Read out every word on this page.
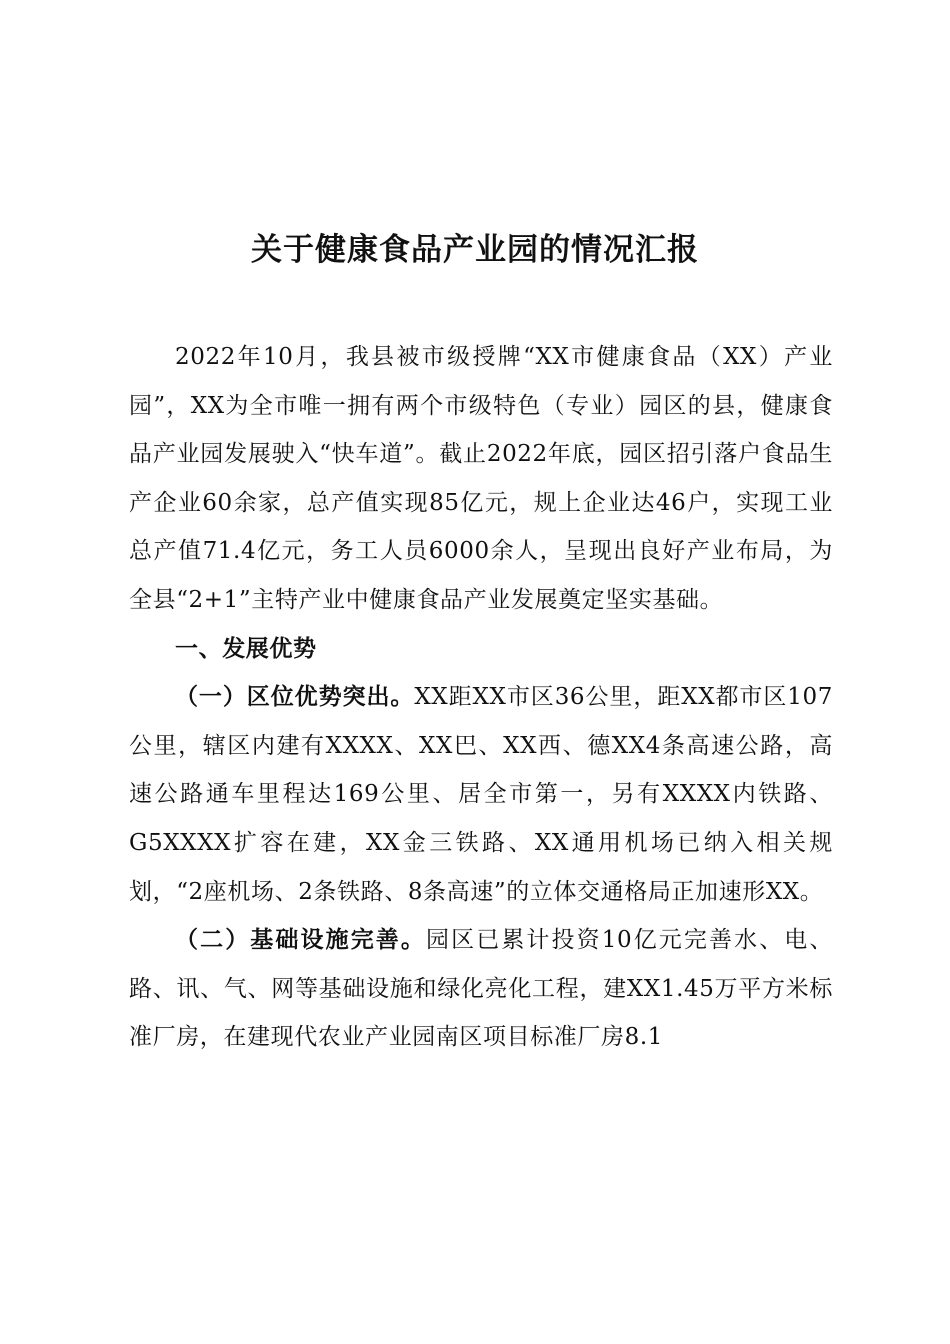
关于健康食品产业园的情况汇报

2022年10月，我县被市级授牌“XX市健康食品（XX）产业园”，XX为全市唯一拥有两个市级特色（专业）园区的县，健康食品产业园发展驶入“快车道”。截止2022年底，园区招引落户食品生产企业60余家，总产值实现85亿元，规上企业达46户，实现工业总产值71.4亿元，务工人员6000余人，呈现出良好产业布局，为全县“2+1”主特产业中健康食品产业发展奠定坚实基础。

一、发展优势

（一）区位优势突出。XX距XX市区36公里，距XX都市区107公里，辖区内建有XXXX、XX巴、XX西、德XX4条高速公路，高速公路通车里程达169公里、居全市第一，另有XXXX内铁路、G5XXXX扩容在建，XX金三铁路、XX通用机场已纳入相关规划，“2座机场、2条铁路、8条高速”的立体交通格局正加速形XX。

（二）基础设施完善。园区已累计投资10亿元完善水、电、路、讯、气、网等基础设施和绿化亮化工程，建XX1.45万平方米标准厂房，在建现代农业产业园南区项目标准厂房8.1
